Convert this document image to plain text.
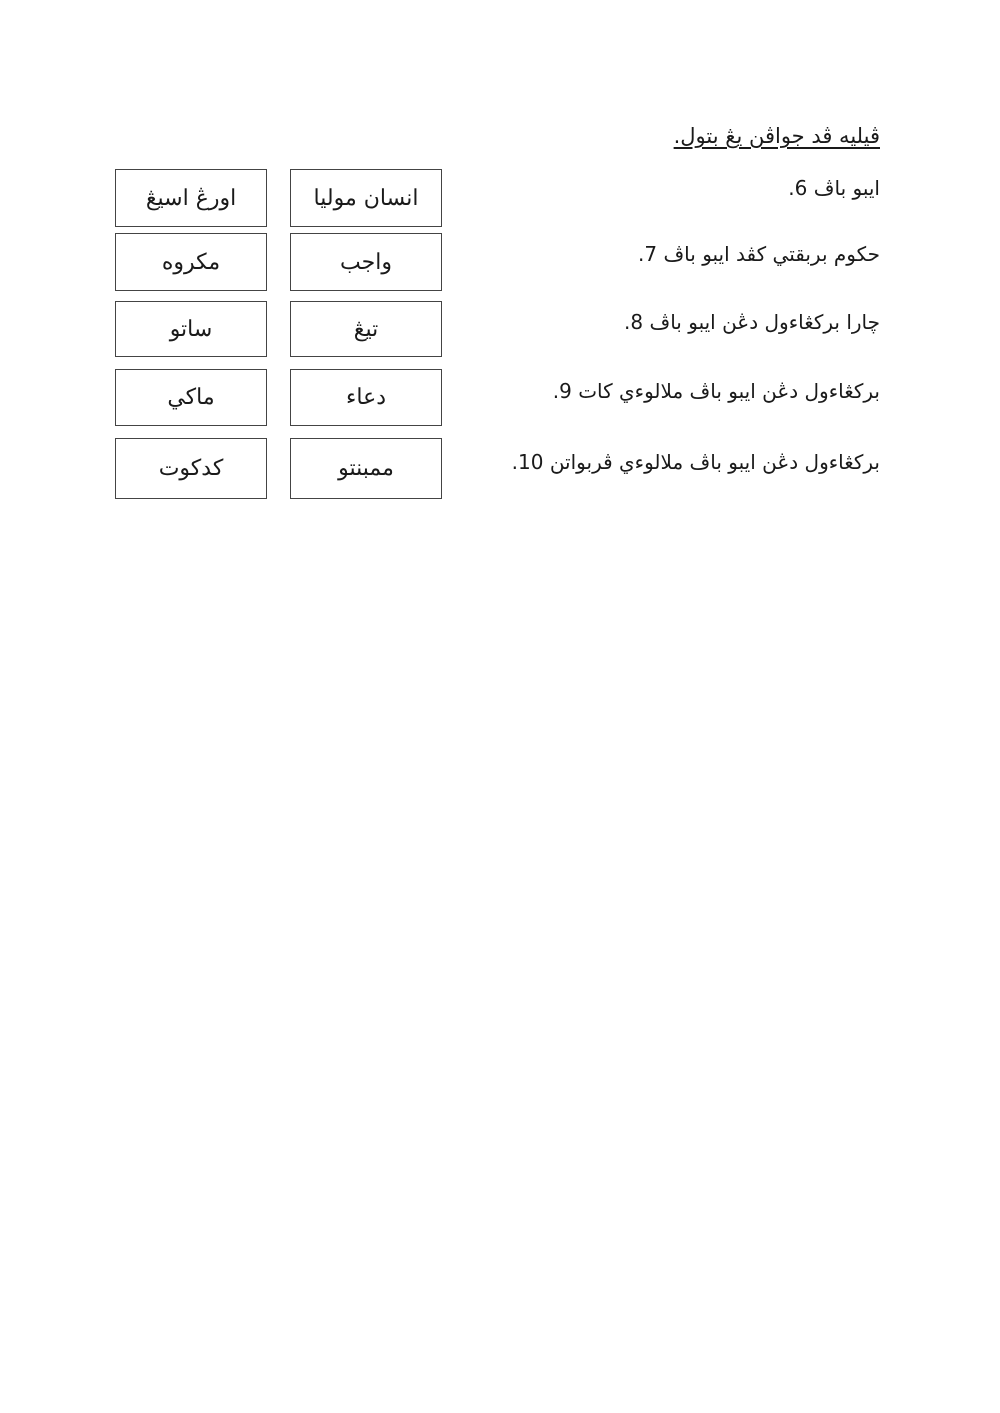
ڤيليه ڤد جواڤن يڠ بتول.
ايبو باڤ 6.
حكوم بربقتي كڤد ايبو باڤ 7.
چارا بركڠاءول دڠن ايبو باڤ 8.
بركڠاءول دڠن ايبو باڤ ملالوءي كات 9.
بركڠاءول دڠن ايبو باڤ ملالوءي ڤربواتن 10.
انسان موليا
اورڠ اسيڠ
واجب
مكروه
تيڠ
ساتو
دعاء
ماكي
ممبنتو
كدكوت
